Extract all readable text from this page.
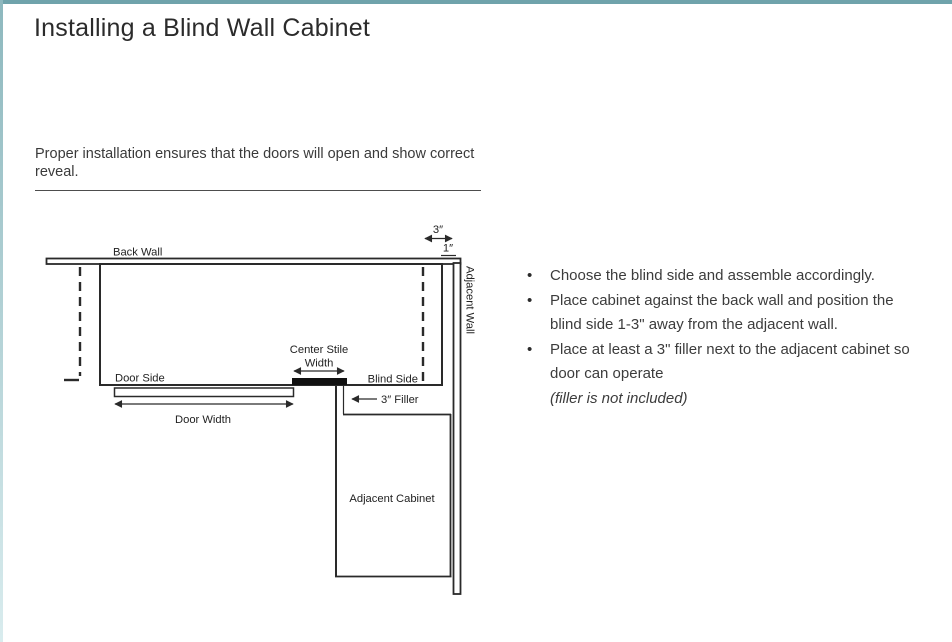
Installing a Blind Wall Cabinet
Proper installation ensures that the doors will open and show correct reveal.
3″
1″
Center Stile
Width
Door Width
3″ Filler
Back Wall
Adjacent Wall
Door Side	Blind Side
Adjacent Cabinet
•	Choose the blind side and assemble accordingly.
•	Place cabinet against the back wall and position the blind side 1-3" away from the adjacent wall.
•	Place at least a 3" filler next to the adjacent cabinet so door can operate
(filler is not included)
